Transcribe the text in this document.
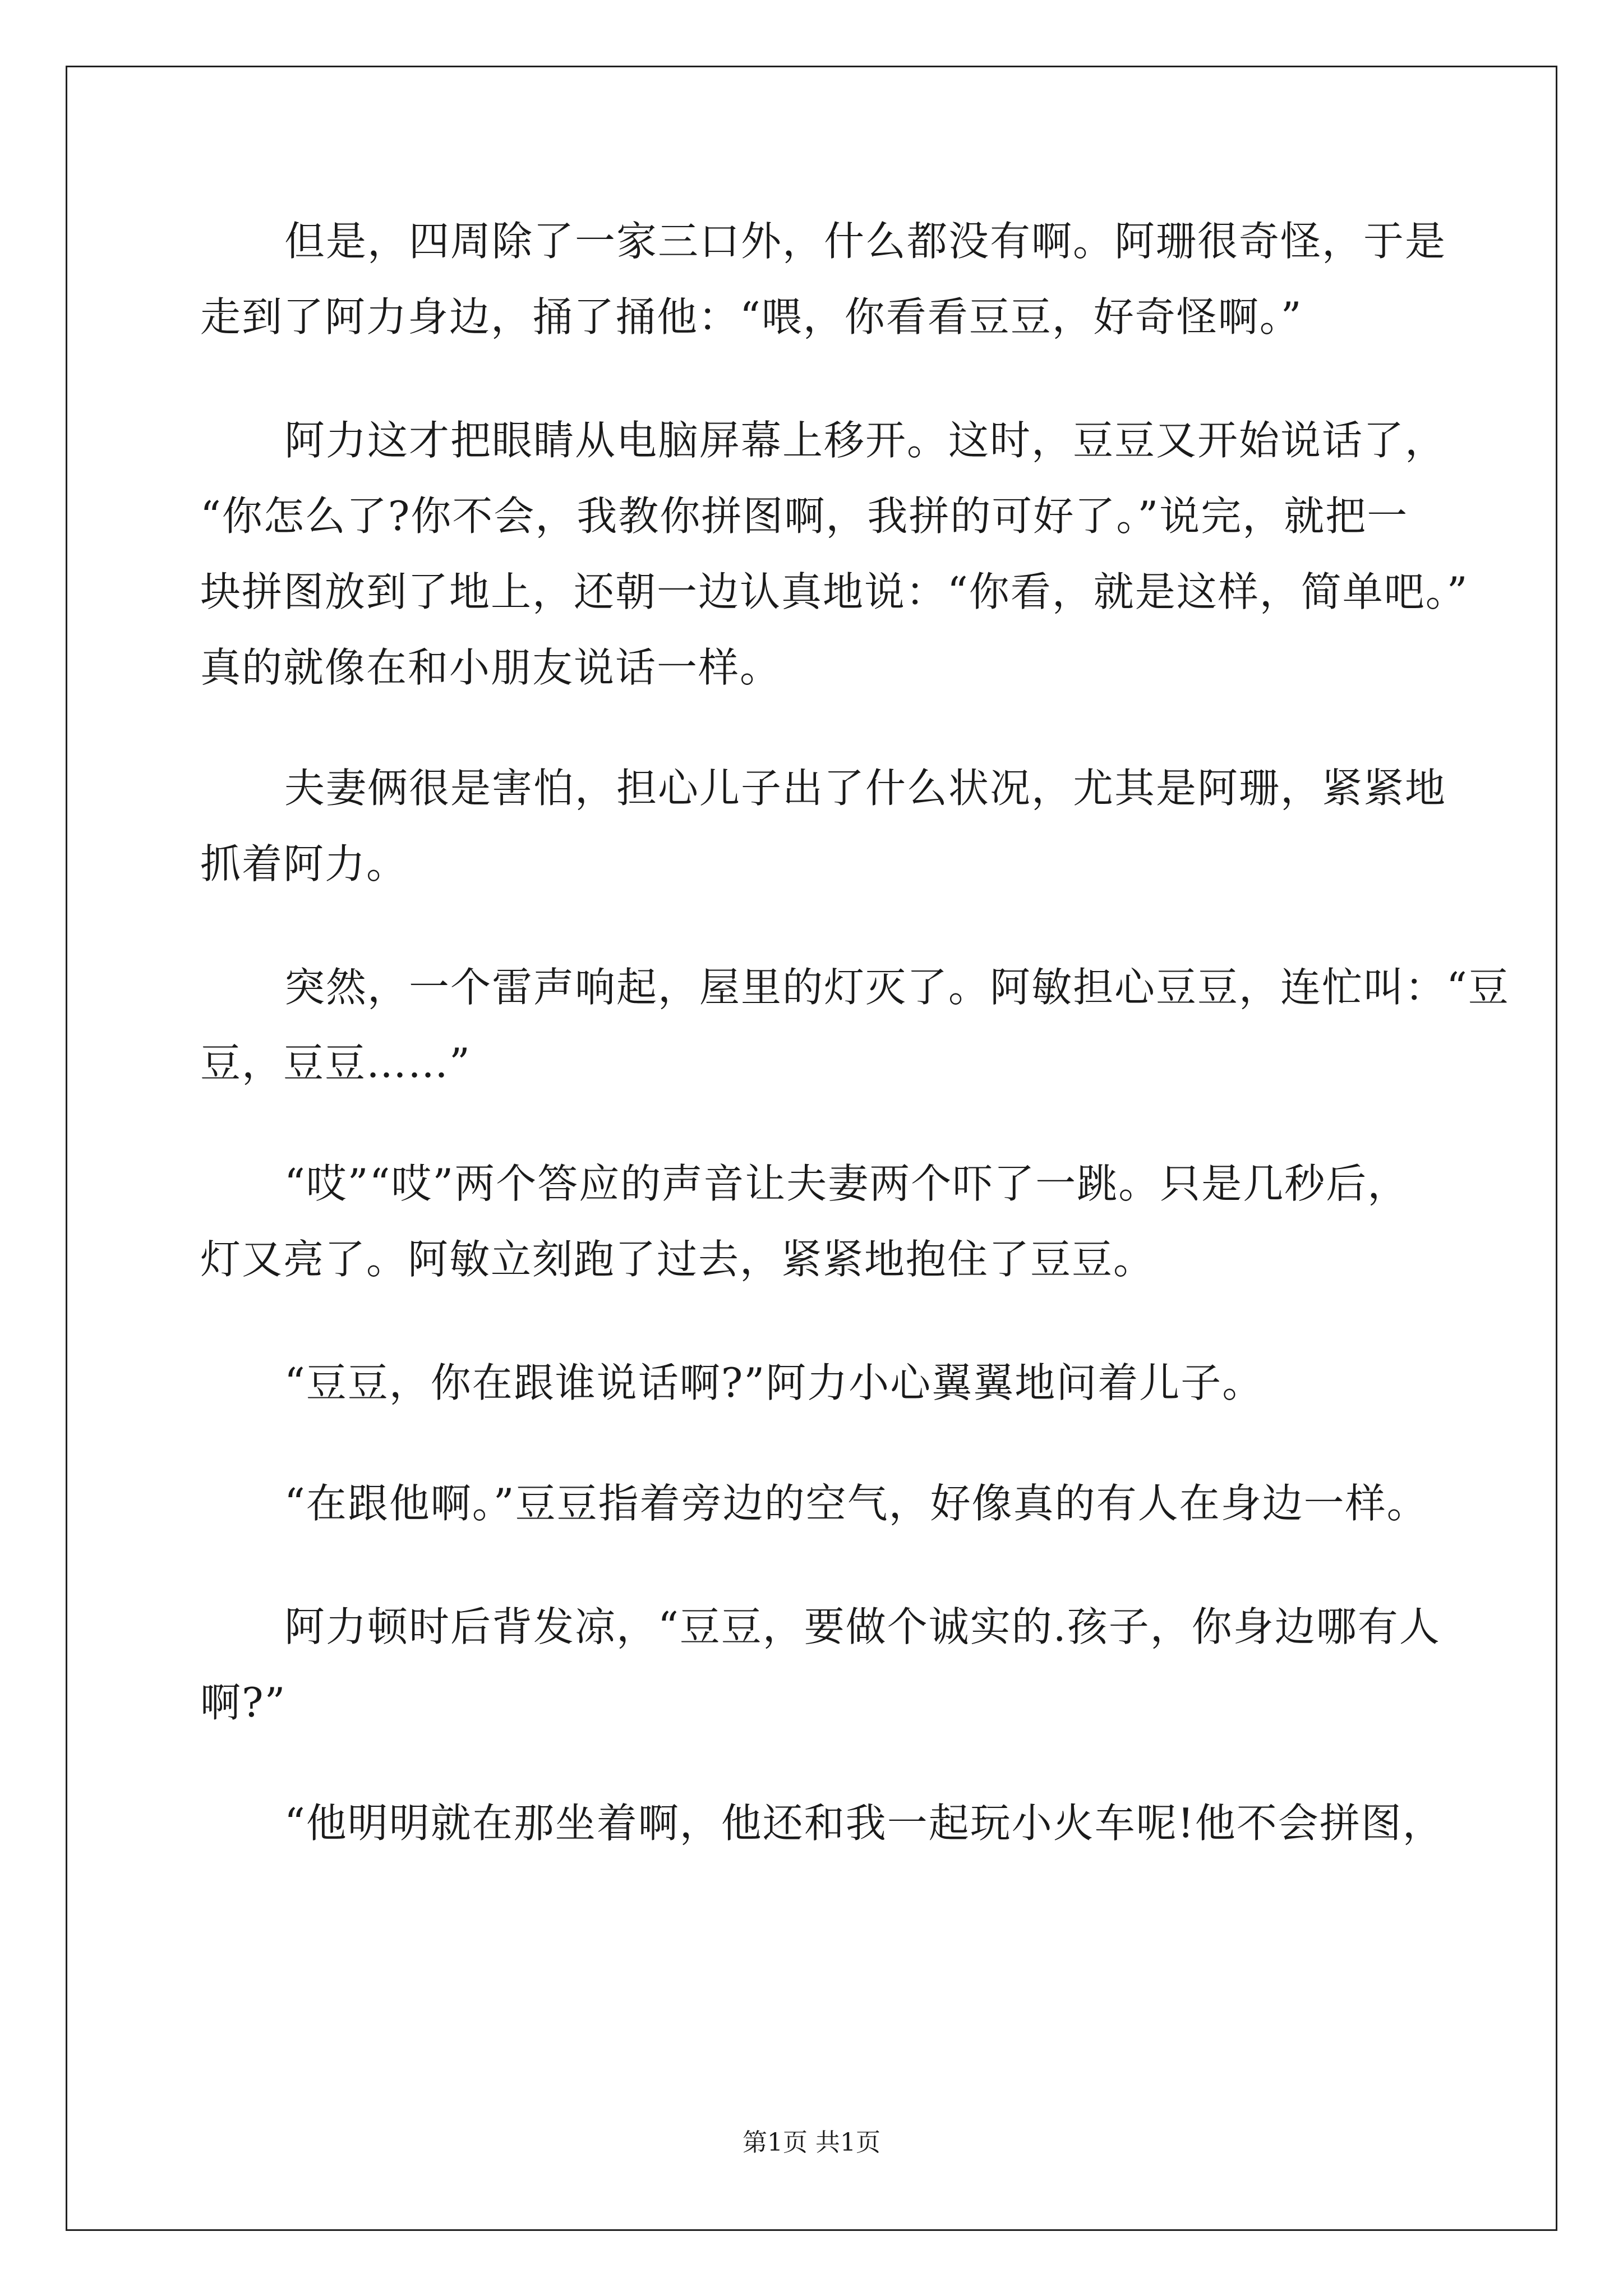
但是，四周除了一家三口外，什么都没有啊。阿珊很奇怪，于是
走到了阿力身边，捅了捅他：“喂，你看看豆豆，好奇怪啊。”
阿力这才把眼睛从电脑屏幕上移开。这时，豆豆又开始说话了，
“你怎么了?你不会，我教你拼图啊，我拼的可好了。”说完，就把一
块拼图放到了地上，还朝一边认真地说：“你看，就是这样，简单吧。”
真的就像在和小朋友说话一样。
夫妻俩很是害怕，担心儿子出了什么状况，尤其是阿珊，紧紧地
抓着阿力。
突然，一个雷声响起，屋里的灯灭了。阿敏担心豆豆，连忙叫：“豆
豆，豆豆……”
“哎”“哎”两个答应的声音让夫妻两个吓了一跳。只是几秒后，
灯又亮了。阿敏立刻跑了过去，紧紧地抱住了豆豆。
“豆豆，你在跟谁说话啊?”阿力小心翼翼地问着儿子。
“在跟他啊。”豆豆指着旁边的空气，好像真的有人在身边一样。
阿力顿时后背发凉，“豆豆，要做个诚实的.孩子，你身边哪有人
啊?”
“他明明就在那坐着啊，他还和我一起玩小火车呢!他不会拼图，
第1页 共1页
